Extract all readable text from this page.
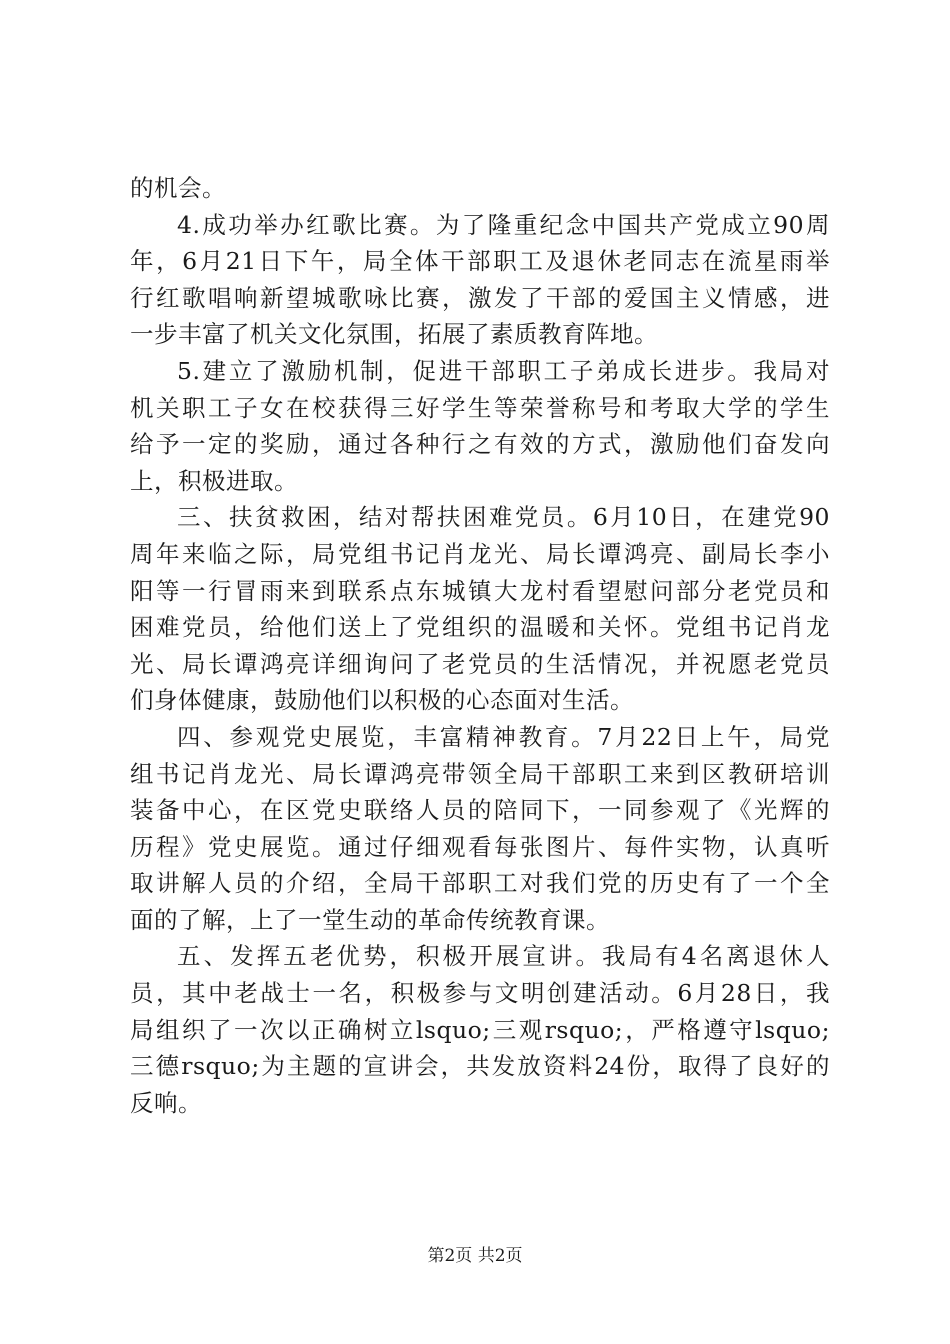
的机会。
4.成功举办红歌比赛。为了隆重纪念中国共产党成立90周
年，6月21日下午，局全体干部职工及退休老同志在流星雨举
行红歌唱响新望城歌咏比赛，激发了干部的爱国主义情感，进
一步丰富了机关文化氛围，拓展了素质教育阵地。
5.建立了激励机制，促进干部职工子弟成长进步。我局对
机关职工子女在校获得三好学生等荣誉称号和考取大学的学生
给予一定的奖励，通过各种行之有效的方式，激励他们奋发向
上，积极进取。
三、扶贫救困，结对帮扶困难党员。6月10日，在建党90
周年来临之际，局党组书记肖龙光、局长谭鸿亮、副局长李小
阳等一行冒雨来到联系点东城镇大龙村看望慰问部分老党员和
困难党员，给他们送上了党组织的温暖和关怀。党组书记肖龙
光、局长谭鸿亮详细询问了老党员的生活情况，并祝愿老党员
们身体健康，鼓励他们以积极的心态面对生活。
四、参观党史展览，丰富精神教育。7月22日上午，局党
组书记肖龙光、局长谭鸿亮带领全局干部职工来到区教研培训
装备中心，在区党史联络人员的陪同下，一同参观了《光辉的
历程》党史展览。通过仔细观看每张图片、每件实物，认真听
取讲解人员的介绍，全局干部职工对我们党的历史有了一个全
面的了解，上了一堂生动的革命传统教育课。
五、发挥五老优势，积极开展宣讲。我局有4名离退休人
员，其中老战士一名，积极参与文明创建活动。6月28日，我
局组织了一次以正确树立lsquo;三观rsquo;，严格遵守lsquo;
三德rsquo;为主题的宣讲会，共发放资料24份，取得了良好的
反响。
第2页 共2页
